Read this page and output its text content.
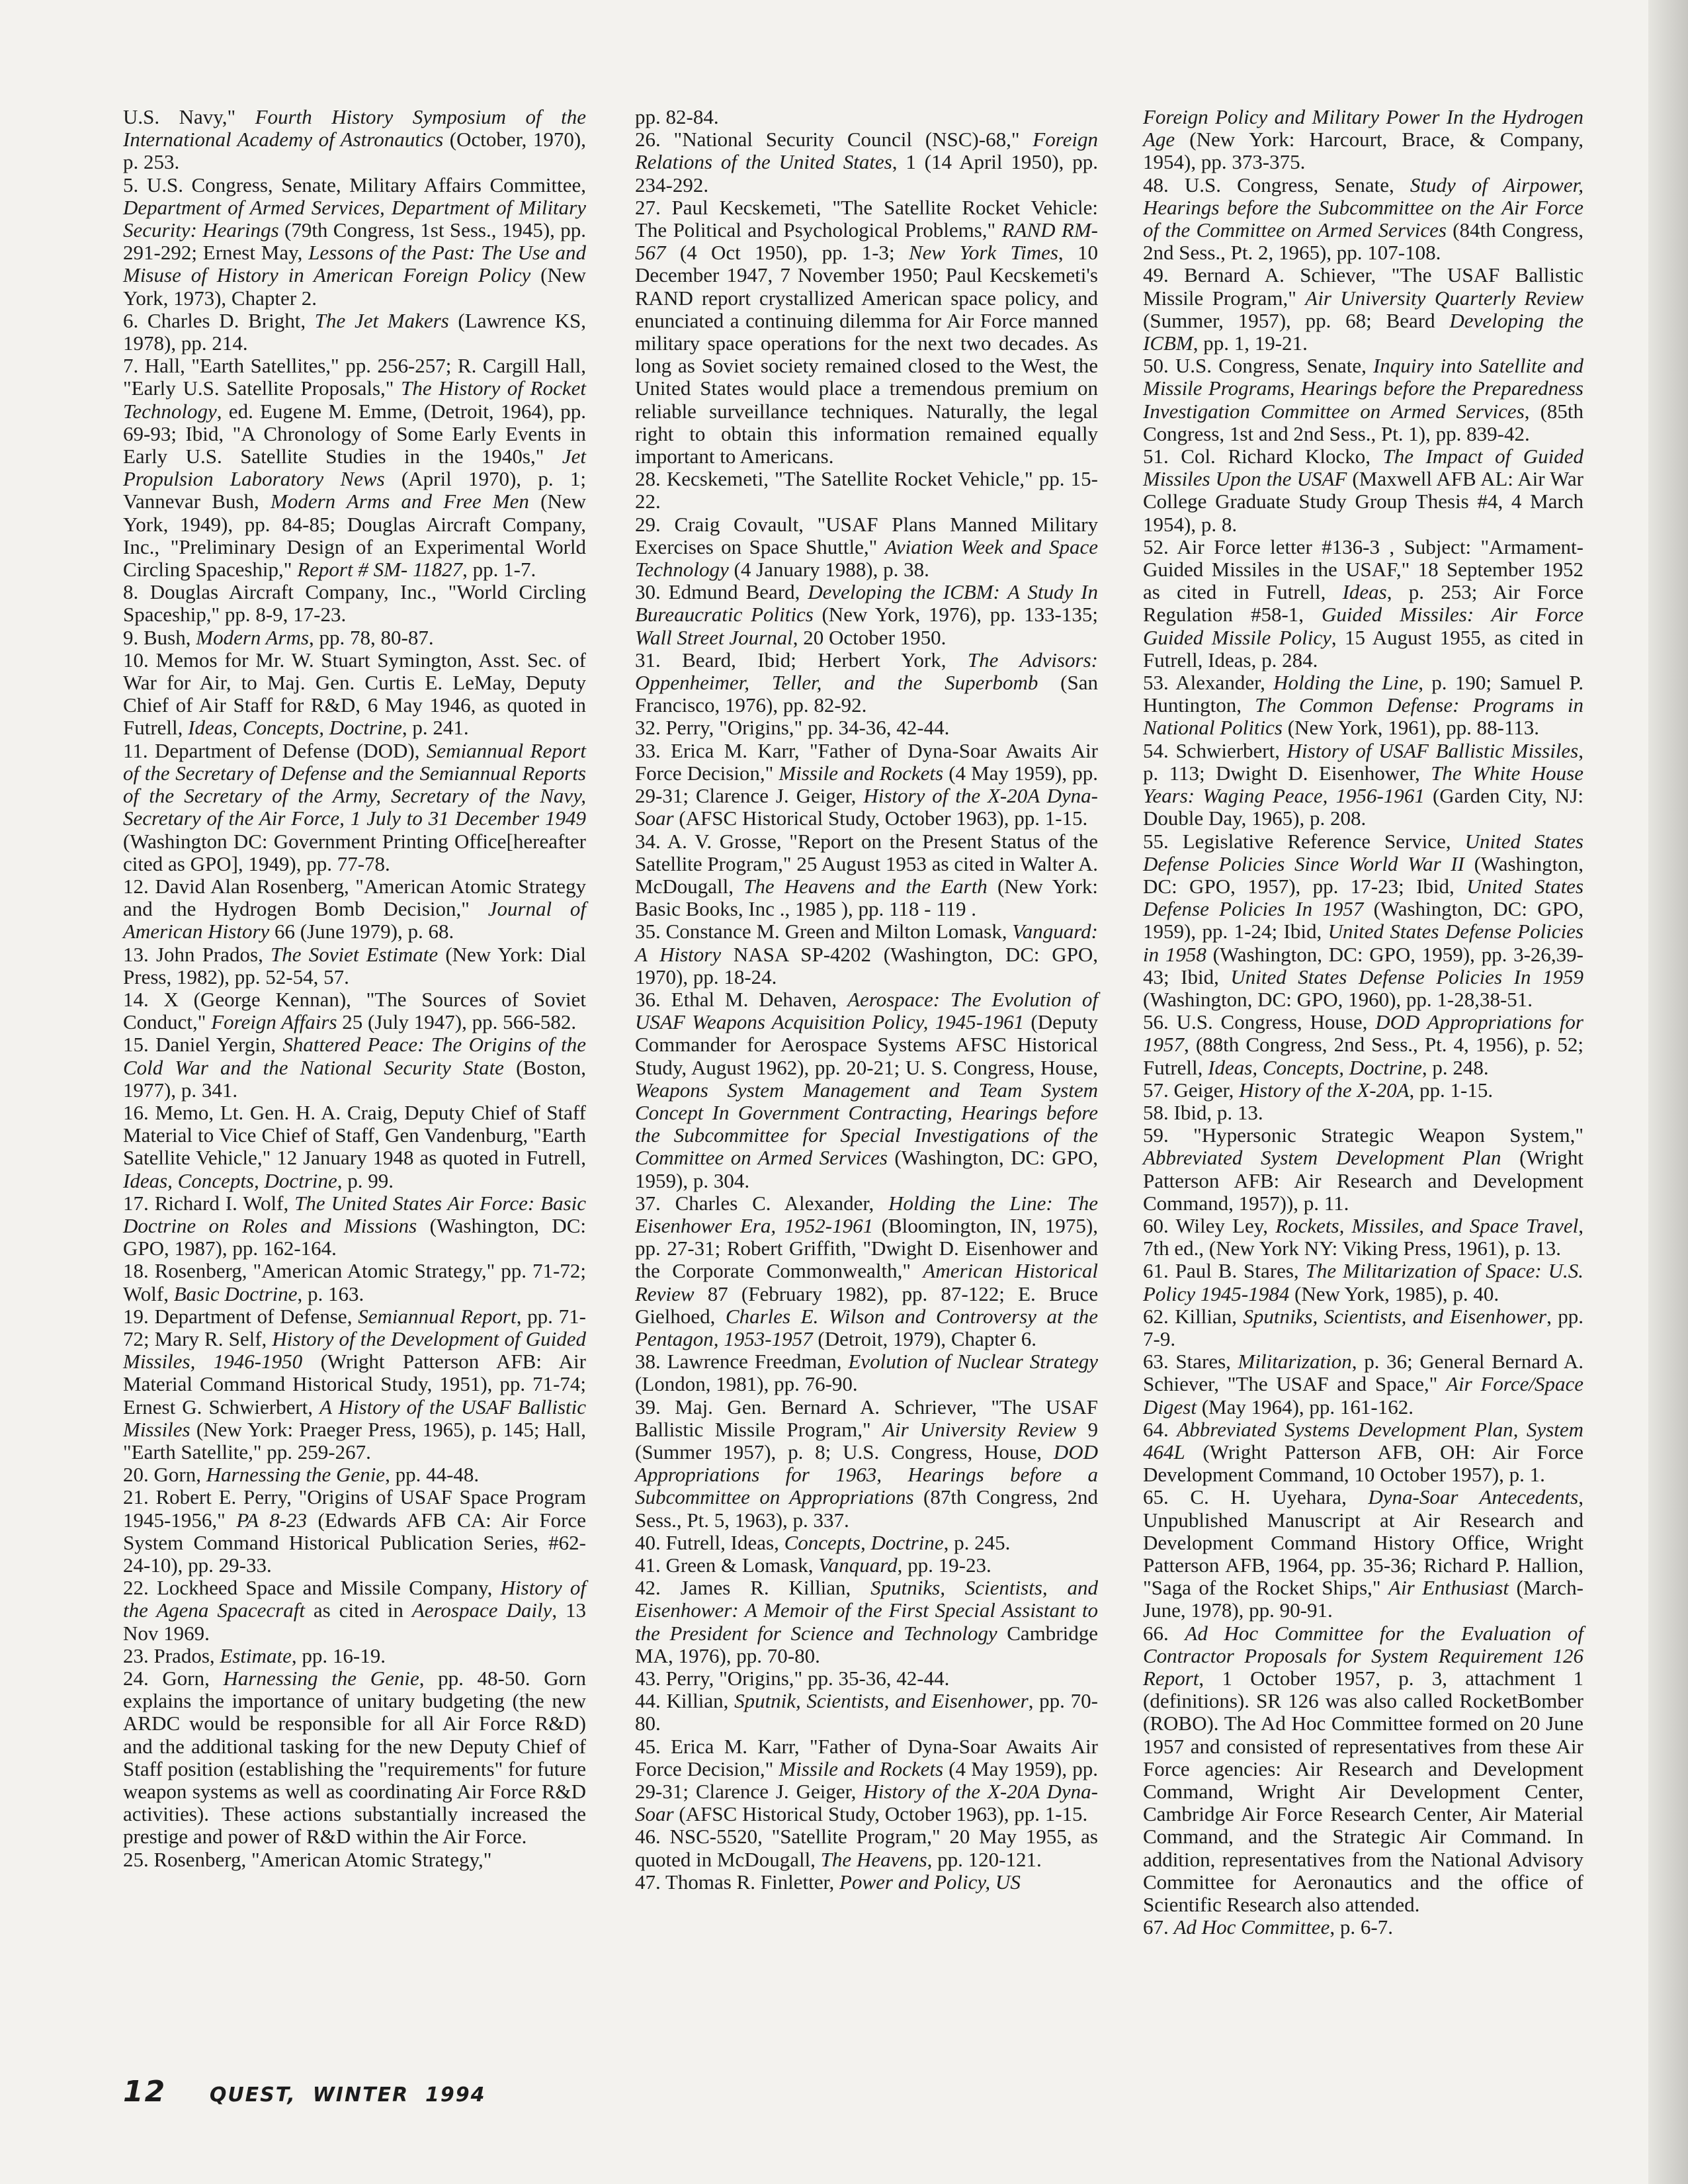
U.S. Navy," Fourth History Symposium of the International Academy of Astronautics (October, 1970), p. 253.

5. U.S. Congress, Senate, Military Affairs Committee, Department of Armed Services, Department of Military Security: Hearings (79th Congress, 1st Sess., 1945), pp. 291-292; Ernest May, Lessons of the Past: The Use and Misuse of History in American Foreign Policy (New York, 1973), Chapter 2.

6. Charles D. Bright, The Jet Makers (Lawrence KS, 1978), pp. 214.

7. Hall, "Earth Satellites," pp. 256-257; R. Cargill Hall, "Early U.S. Satellite Proposals," The History of Rocket Technology, ed. Eugene M. Emme, (Detroit, 1964), pp. 69-93; Ibid, "A Chronology of Some Early Events in Early U.S. Satellite Studies in the 1940s," Jet Propulsion Laboratory News (April 1970), p. 1; Vannevar Bush, Modern Arms and Free Men (New York, 1949), pp. 84-85; Douglas Aircraft Company, Inc., "Preliminary Design of an Experimental World Circling Spaceship," Report # SM- 11827, pp. 1-7.

8. Douglas Aircraft Company, Inc., "World Circling Spaceship," pp. 8-9, 17-23.

9. Bush, Modern Arms, pp. 78, 80-87.

10. Memos for Mr. W. Stuart Symington, Asst. Sec. of War for Air, to Maj. Gen. Curtis E. LeMay, Deputy Chief of Air Staff for R&D, 6 May 1946, as quoted in Futrell, Ideas, Concepts, Doctrine, p. 241.

11. Department of Defense (DOD), Semiannual Report of the Secretary of Defense and the Semiannual Reports of the Secretary of the Army, Secretary of the Navy, Secretary of the Air Force, 1 July to 31 December 1949 (Washington DC: Government Printing Office[hereafter cited as GPO], 1949), pp. 77-78.

12. David Alan Rosenberg, "American Atomic Strategy and the Hydrogen Bomb Decision," Journal of American History 66 (June 1979), p. 68.

13. John Prados, The Soviet Estimate (New York: Dial Press, 1982), pp. 52-54, 57.

14. X (George Kennan), "The Sources of Soviet Conduct," Foreign Affairs 25 (July 1947), pp. 566-582.

15. Daniel Yergin, Shattered Peace: The Origins of the Cold War and the National Security State (Boston, 1977), p. 341.

16. Memo, Lt. Gen. H. A. Craig, Deputy Chief of Staff Material to Vice Chief of Staff, Gen Vandenburg, "Earth Satellite Vehicle," 12 January 1948 as quoted in Futrell, Ideas, Concepts, Doctrine, p. 99.

17. Richard I. Wolf, The United States Air Force: Basic Doctrine on Roles and Missions (Washington, DC: GPO, 1987), pp. 162-164.

18. Rosenberg, "American Atomic Strategy," pp. 71-72; Wolf, Basic Doctrine, p. 163.

19. Department of Defense, Semiannual Report, pp. 71-72; Mary R. Self, History of the Development of Guided Missiles, 1946-1950 (Wright Patterson AFB: Air Material Command Historical Study, 1951), pp. 71-74; Ernest G. Schwierbert, A History of the USAF Ballistic Missiles (New York: Praeger Press, 1965), p. 145; Hall, "Earth Satellite," pp. 259-267.

20. Gorn, Harnessing the Genie, pp. 44-48.

21. Robert E. Perry, "Origins of USAF Space Program 1945-1956," PA 8-23 (Edwards AFB CA: Air Force System Command Historical Publication Series, #62-24-10), pp. 29-33.

22. Lockheed Space and Missile Company, History of the Agena Spacecraft as cited in Aerospace Daily, 13 Nov 1969.

23. Prados, Estimate, pp. 16-19.

24. Gorn, Harnessing the Genie, pp. 48-50. Gorn explains the importance of unitary budgeting (the new ARDC would be responsible for all Air Force R&D) and the additional tasking for the new Deputy Chief of Staff position (establishing the "requirements" for future weapon systems as well as coordinating Air Force R&D activities). These actions substantially increased the prestige and power of R&D within the Air Force.

25. Rosenberg, "American Atomic Strategy,"

pp. 82-84.

26. "National Security Council (NSC)-68," Foreign Relations of the United States, 1 (14 April 1950), pp. 234-292.

27. Paul Kecskemeti, "The Satellite Rocket Vehicle: The Political and Psychological Problems," RAND RM-567 (4 Oct 1950), pp. 1-3; New York Times, 10 December 1947, 7 November 1950; Paul Kecskemeti's RAND report crystallized American space policy, and enunciated a continuing dilemma for Air Force manned military space operations for the next two decades. As long as Soviet society remained closed to the West, the United States would place a tremendous premium on reliable surveillance techniques. Naturally, the legal right to obtain this information remained equally important to Americans.

28. Kecskemeti, "The Satellite Rocket Vehicle," pp. 15-22.

29. Craig Covault, "USAF Plans Manned Military Exercises on Space Shuttle," Aviation Week and Space Technology (4 January 1988), p. 38.

30. Edmund Beard, Developing the ICBM: A Study In Bureaucratic Politics (New York, 1976), pp. 133-135; Wall Street Journal, 20 October 1950.

31. Beard, Ibid; Herbert York, The Advisors: Oppenheimer, Teller, and the Superbomb (San Francisco, 1976), pp. 82-92.

32. Perry, "Origins," pp. 34-36, 42-44.

33. Erica M. Karr, "Father of Dyna-Soar Awaits Air Force Decision," Missile and Rockets (4 May 1959), pp. 29-31; Clarence J. Geiger, History of the X-20A Dyna-Soar (AFSC Historical Study, October 1963), pp. 1-15.

34. A. V. Grosse, "Report on the Present Status of the Satellite Program," 25 August 1953 as cited in Walter A. McDougall, The Heavens and the Earth (New York: Basic Books, Inc ., 1985 ), pp. 118 - 119 .

35. Constance M. Green and Milton Lomask, Vanguard: A History NASA SP-4202 (Washington, DC: GPO, 1970), pp. 18-24.

36. Ethal M. Dehaven, Aerospace: The Evolution of USAF Weapons Acquisition Policy, 1945-1961 (Deputy Commander for Aerospace Systems AFSC Historical Study, August 1962), pp. 20-21; U. S. Congress, House, Weapons System Management and Team System Concept In Government Contracting, Hearings before the Subcommittee for Special Investigations of the Committee on Armed Services (Washington, DC: GPO, 1959), p. 304.

37. Charles C. Alexander, Holding the Line: The Eisenhower Era, 1952-1961 (Bloomington, IN, 1975), pp. 27-31; Robert Griffith, "Dwight D. Eisenhower and the Corporate Commonwealth," American Historical Review 87 (February 1982), pp. 87-122; E. Bruce Gielhoed, Charles E. Wilson and Controversy at the Pentagon, 1953-1957 (Detroit, 1979), Chapter 6.

38. Lawrence Freedman, Evolution of Nuclear Strategy (London, 1981), pp. 76-90.

39. Maj. Gen. Bernard A. Schriever, "The USAF Ballistic Missile Program," Air University Review 9 (Summer 1957), p. 8; U.S. Congress, House, DOD Appropriations for 1963, Hearings before a Subcommittee on Appropriations (87th Congress, 2nd Sess., Pt. 5, 1963), p. 337.

40. Futrell, Ideas, Concepts, Doctrine, p. 245.

41. Green & Lomask, Vanquard, pp. 19-23.

42. James R. Killian, Sputniks, Scientists, and Eisenhower: A Memoir of the First Special Assistant to the President for Science and Technology Cambridge MA, 1976), pp. 70-80.

43. Perry, "Origins," pp. 35-36, 42-44.

44. Killian, Sputnik, Scientists, and Eisenhower, pp. 70-80.

45. Erica M. Karr, "Father of Dyna-Soar Awaits Air Force Decision," Missile and Rockets (4 May 1959), pp. 29-31; Clarence J. Geiger, History of the X-20A Dyna-Soar (AFSC Historical Study, October 1963), pp. 1-15.

46. NSC-5520, "Satellite Program," 20 May 1955, as quoted in McDougall, The Heavens, pp. 120-121.

47. Thomas R. Finletter, Power and Policy, US

Foreign Policy and Military Power In the Hydrogen Age (New York: Harcourt, Brace, & Company, 1954), pp. 373-375.

48. U.S. Congress, Senate, Study of Airpower, Hearings before the Subcommittee on the Air Force of the Committee on Armed Services (84th Congress, 2nd Sess., Pt. 2, 1965), pp. 107-108.

49. Bernard A. Schiever, "The USAF Ballistic Missile Program," Air University Quarterly Review (Summer, 1957), pp. 68; Beard Developing the ICBM, pp. 1, 19-21.

50. U.S. Congress, Senate, Inquiry into Satellite and Missile Programs, Hearings before the Preparedness Investigation Committee on Armed Services, (85th Congress, 1st and 2nd Sess., Pt. 1), pp. 839-42.

51. Col. Richard Klocko, The Impact of Guided Missiles Upon the USAF (Maxwell AFB AL: Air War College Graduate Study Group Thesis #4, 4 March 1954), p. 8.

52. Air Force letter #136-3 , Subject: "Armament-Guided Missiles in the USAF," 18 September 1952 as cited in Futrell, Ideas, p. 253; Air Force Regulation #58-1, Guided Missiles: Air Force Guided Missile Policy, 15 August 1955, as cited in Futrell, Ideas, p. 284.

53. Alexander, Holding the Line, p. 190; Samuel P. Huntington, The Common Defense: Programs in National Politics (New York, 1961), pp. 88-113.

54. Schwierbert, History of USAF Ballistic Missiles, p. 113; Dwight D. Eisenhower, The White House Years: Waging Peace, 1956-1961 (Garden City, NJ: Double Day, 1965), p. 208.

55. Legislative Reference Service, United States Defense Policies Since World War II (Washington, DC: GPO, 1957), pp. 17-23; Ibid, United States Defense Policies In 1957 (Washington, DC: GPO, 1959), pp. 1-24; Ibid, United States Defense Policies in 1958 (Washington, DC: GPO, 1959), pp. 3-26,39-43; Ibid, United States Defense Policies In 1959 (Washington, DC: GPO, 1960), pp. 1-28,38-51.

56. U.S. Congress, House, DOD Appropriations for 1957, (88th Congress, 2nd Sess., Pt. 4, 1956), p. 52; Futrell, Ideas, Concepts, Doctrine, p. 248.

57. Geiger, History of the X-20A, pp. 1-15.

58. Ibid, p. 13.

59. "Hypersonic Strategic Weapon System," Abbreviated System Development Plan (Wright Patterson AFB: Air Research and Development Command, 1957)), p. 11.

60. Wiley Ley, Rockets, Missiles, and Space Travel, 7th ed., (New York NY: Viking Press, 1961), p. 13.

61. Paul B. Stares, The Militarization of Space: U.S. Policy 1945-1984 (New York, 1985), p. 40.

62. Killian, Sputniks, Scientists, and Eisenhower, pp. 7-9.

63. Stares, Militarization, p. 36; General Bernard A. Schiever, "The USAF and Space," Air Force/Space Digest (May 1964), pp. 161-162.

64. Abbreviated Systems Development Plan, System 464L (Wright Patterson AFB, OH: Air Force Development Command, 10 October 1957), p. 1.

65. C. H. Uyehara, Dyna-Soar Antecedents, Unpublished Manuscript at Air Research and Development Command History Office, Wright Patterson AFB, 1964, pp. 35-36; Richard P. Hallion, "Saga of the Rocket Ships," Air Enthusiast (March-June, 1978), pp. 90-91.

66. Ad Hoc Committee for the Evaluation of Contractor Proposals for System Requirement 126 Report, 1 October 1957, p. 3, attachment 1 (definitions). SR 126 was also called RocketBomber (ROBO). The Ad Hoc Committee formed on 20 June 1957 and consisted of representatives from these Air Force agencies: Air Research and Development Command, Wright Air Development Center, Cambridge Air Force Research Center, Air Material Command, and the Strategic Air Command. In addition, representatives from the National Advisory Committee for Aeronautics and the office of Scientific Research also attended.

67. Ad Hoc Committee, p. 6-7.

12 QUEST,  WINTER  1994
